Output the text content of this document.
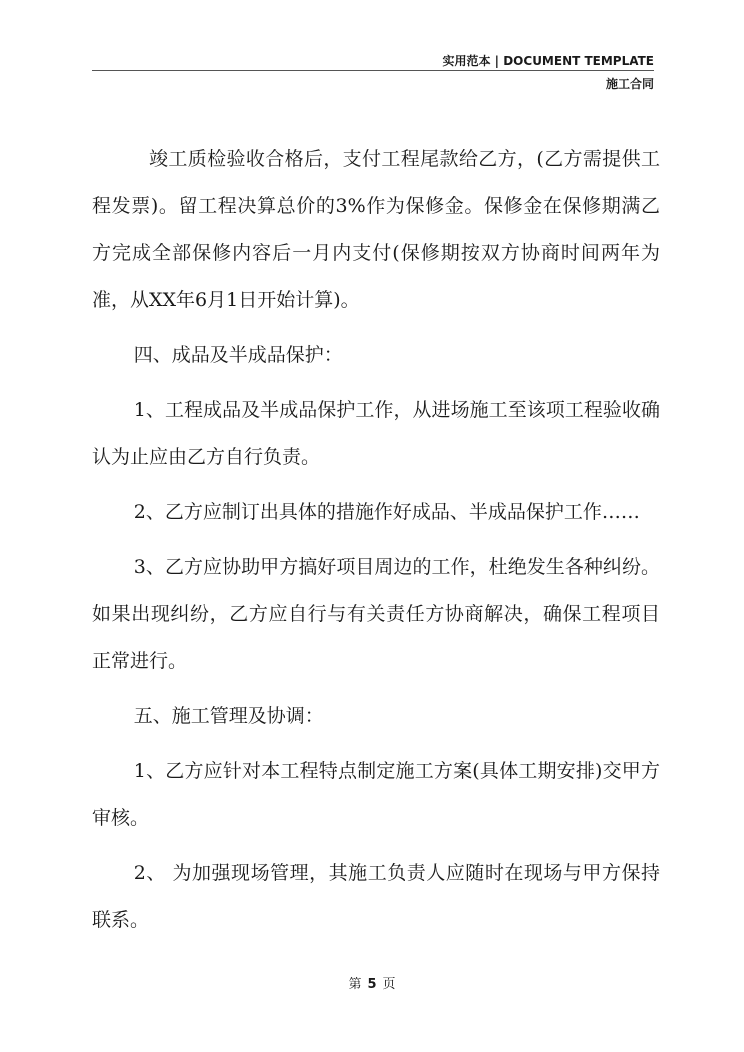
实用范本 | DOCUMENT TEMPLATE
施工合同

竣工质检验收合格后，支付工程尾款给乙方，(乙方需提供工程发票)。留工程决算总价的3%作为保修金。保修金在保修期满乙方完成全部保修内容后一月内支付(保修期按双方协商时间两年为准，从XX年6月1日开始计算)。

四、成品及半成品保护：

1、工程成品及半成品保护工作，从进场施工至该项工程验收确认为止应由乙方自行负责。

2、乙方应制订出具体的措施作好成品、半成品保护工作……

3、乙方应协助甲方搞好项目周边的工作，杜绝发生各种纠纷。如果出现纠纷，乙方应自行与有关责任方协商解决，确保工程项目正常进行。

五、施工管理及协调：

1、乙方应针对本工程特点制定施工方案(具体工期安排)交甲方审核。

2、 为加强现场管理，其施工负责人应随时在现场与甲方保持联系。

第 5 页
